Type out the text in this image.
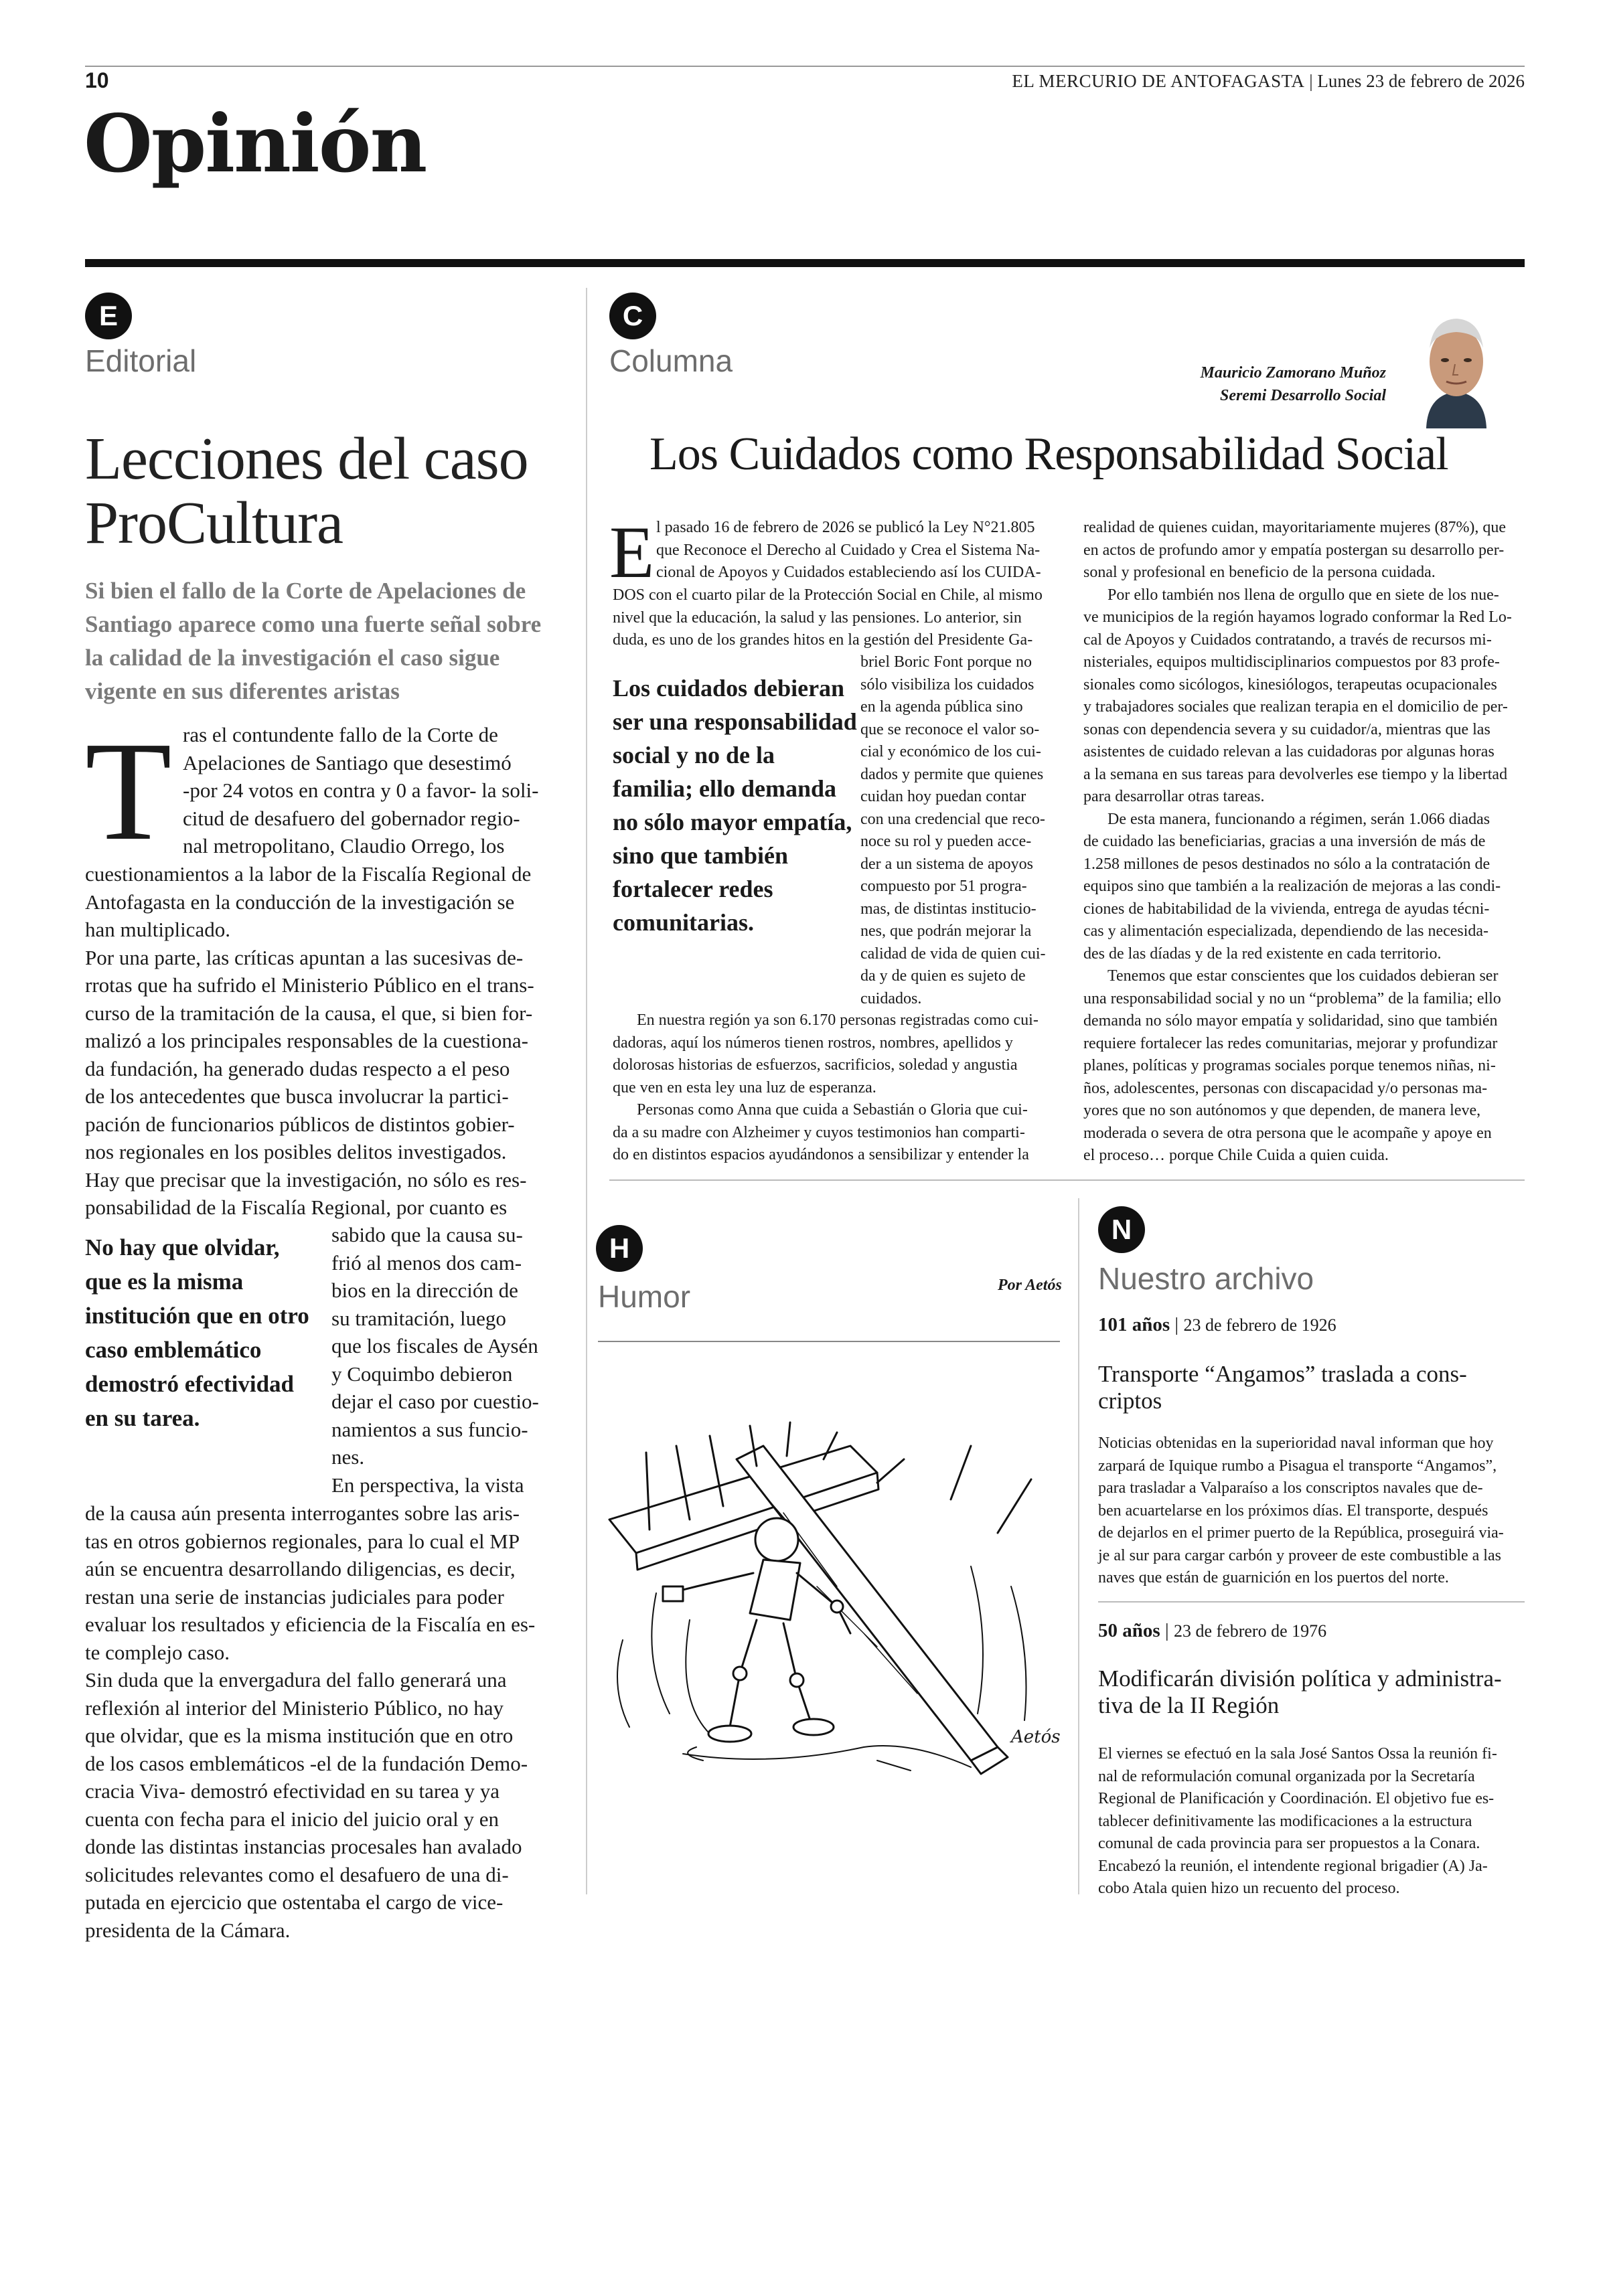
10	EL MERCURIO DE ANTOFAGASTA | Lunes 23 de febrero de 2026
Opinión
E
Editorial
Lecciones del caso ProCultura
Si bien el fallo de la Corte de Apelaciones de Santiago aparece como una fuerte señal sobre la calidad de la investigación el caso sigue vigente en sus diferentes aristas
T ras el contundente fallo de la Corte de

Apelaciones de Santiago que desestimó

-por 24 votos en contra y 0 a favor- la soli-

citud de desafuero del gobernador regio-

nal metropolitano, Claudio Orrego, los

cuestionamientos a la labor de la Fiscalía Regional de

Antofagasta en la conducción de la investigación se

han multiplicado.

Por una parte, las críticas apuntan a las sucesivas de-

rrotas que ha sufrido el Ministerio Público en el trans-

curso de la tramitación de la causa, el que, si bien for-

malizó a los principales responsables de la cuestiona-

da fundación, ha generado dudas respecto a el peso

de los antecedentes que busca involucrar la partici-

pación de funcionarios públicos de distintos gobier-

nos regionales en los posibles delitos investigados.

Hay que precisar que la investigación, no sólo es res-

ponsabilidad de la Fiscalía Regional, por cuanto es

No hay que olvidar, que es la misma institución que en otro caso emblemático demostró efectividad en su tarea.

sabido que la causa su-

frió al menos dos cam-

bios en la dirección de

su tramitación, luego

que los fiscales de Aysén

y Coquimbo debieron

dejar el caso por cuestio-

namientos a sus funcio-

nes.

En perspectiva, la vista

de la causa aún presenta interrogantes sobre las aris-

tas en otros gobiernos regionales, para lo cual el MP

aún se encuentra desarrollando diligencias, es decir,

restan una serie de instancias judiciales para poder

evaluar los resultados y eficiencia de la Fiscalía en es-

te complejo caso.

Sin duda que la envergadura del fallo generará una

reflexión al interior del Ministerio Público, no hay

que olvidar, que es la misma institución que en otro

de los casos emblemáticos -el de la fundación Demo-

cracia Viva- demostró efectividad en su tarea y ya

cuenta con fecha para el inicio del juicio oral y en

donde las distintas instancias procesales han avalado

solicitudes relevantes como el desafuero de una di-

putada en ejercicio que ostentaba el cargo de vice-

presidenta de la Cámara.

C
Columna	Mauricio Zamorano Muñoz

Seremi Desarrollo Social

Los Cuidados como Responsabilidad Social
E l pasado 16 de febrero de 2026 se publicó la Ley N°21.805

que Reconoce el Derecho al Cuidado y Crea el Sistema Na-

cional de Apoyos y Cuidados estableciendo así los CUIDA-

DOS con el cuarto pilar de la Protección Social en Chile, al mismo

nivel que la educación, la salud y las pensiones. Lo anterior, sin

duda, es uno de los grandes hitos en la gestión del Presidente Ga-

Los cuidados debieran ser una responsabilidad social y no de la familia; ello demanda no sólo mayor empatía, sino que también fortalecer redes comunitarias.

briel Boric Font porque no

sólo visibiliza los cuidados

en la agenda pública sino

que se reconoce el valor so-

cial y económico de los cui-

dados y permite que quienes

cuidan hoy puedan contar

con una credencial que reco-

noce su rol y pueden acce-

der a un sistema de apoyos

compuesto por 51 progra-

mas, de distintas institucio-

nes, que podrán mejorar la

calidad de vida de quien cui-

da y de quien es sujeto de

cuidados.

En nuestra región ya son 6.170 personas registradas como cui-

dadoras, aquí los números tienen rostros, nombres, apellidos y

dolorosas historias de esfuerzos, sacrificios, soledad y angustia

que ven en esta ley una luz de esperanza.

Personas como Anna que cuida a Sebastián o Gloria que cui-

da a su madre con Alzheimer y cuyos testimonios han comparti-

do en distintos espacios ayudándonos a sensibilizar y entender la

realidad de quienes cuidan, mayoritariamente mujeres (87%), que

en actos de profundo amor y empatía postergan su desarrollo per-

sonal y profesional en beneficio de la persona cuidada.

Por ello también nos llena de orgullo que en siete de los nue-

ve municipios de la región hayamos logrado conformar la Red Lo-

cal de Apoyos y Cuidados contratando, a través de recursos mi-

nisteriales, equipos multidisciplinarios compuestos por 83 profe-

sionales como sicólogos, kinesiólogos, terapeutas ocupacionales

y trabajadores sociales que realizan terapia en el domicilio de per-

sonas con dependencia severa y su cuidador/a, mientras que las

asistentes de cuidado relevan a las cuidadoras por algunas horas

a la semana en sus tareas para devolverles ese tiempo y la libertad

para desarrollar otras tareas.

De esta manera, funcionando a régimen, serán 1.066 diadas

de cuidado las beneficiarias, gracias a una inversión de más de

1.258 millones de pesos destinados no sólo a la contratación de

equipos sino que también a la realización de mejoras a las condi-

ciones de habitabilidad de la vivienda, entrega de ayudas técni-

cas y alimentación especializada, dependiendo de las necesida-

des de las díadas y de la red existente en cada territorio.

Tenemos que estar conscientes que los cuidados debieran ser

una responsabilidad social y no un “problema” de la familia; ello

demanda no sólo mayor empatía y solidaridad, sino que también

requiere fortalecer las redes comunitarias, mejorar y profundizar

planes, políticas y programas sociales porque tenemos niñas, ni-

ños, adolescentes, personas con discapacidad y/o personas ma-

yores que no son autónomos y que dependen, de manera leve,

moderada o severa de otra persona que le acompañe y apoye en

el proceso… porque Chile Cuida a quien cuida.

H
Humor	Por Aetós
Aetós
N
Nuestro archivo
101 años | 23 de febrero de 1926
Transporte “Angamos” traslada a cons- criptos

Noticias obtenidas en la superioridad naval informan que hoy

zarpará de Iquique rumbo a Pisagua el transporte “Angamos”,

para trasladar a Valparaíso a los conscriptos navales que de-

ben acuartelarse en los próximos días. El transporte, después

de dejarlos en el primer puerto de la República, proseguirá via-

je al sur para cargar carbón y proveer de este combustible a las

naves que están de guarnición en los puertos del norte.

50 años | 23 de febrero de 1976
Modificarán división política y administra- tiva de la II Región

El viernes se efectuó en la sala José Santos Ossa la reunión fi-

nal de reformulación comunal organizada por la Secretaría

Regional de Planificación y Coordinación. El objetivo fue es-

tablecer definitivamente las modificaciones a la estructura

comunal de cada provincia para ser propuestos a la Conara.

Encabezó la reunión, el intendente regional brigadier (A) Ja-

cobo Atala quien hizo un recuento del proceso.
